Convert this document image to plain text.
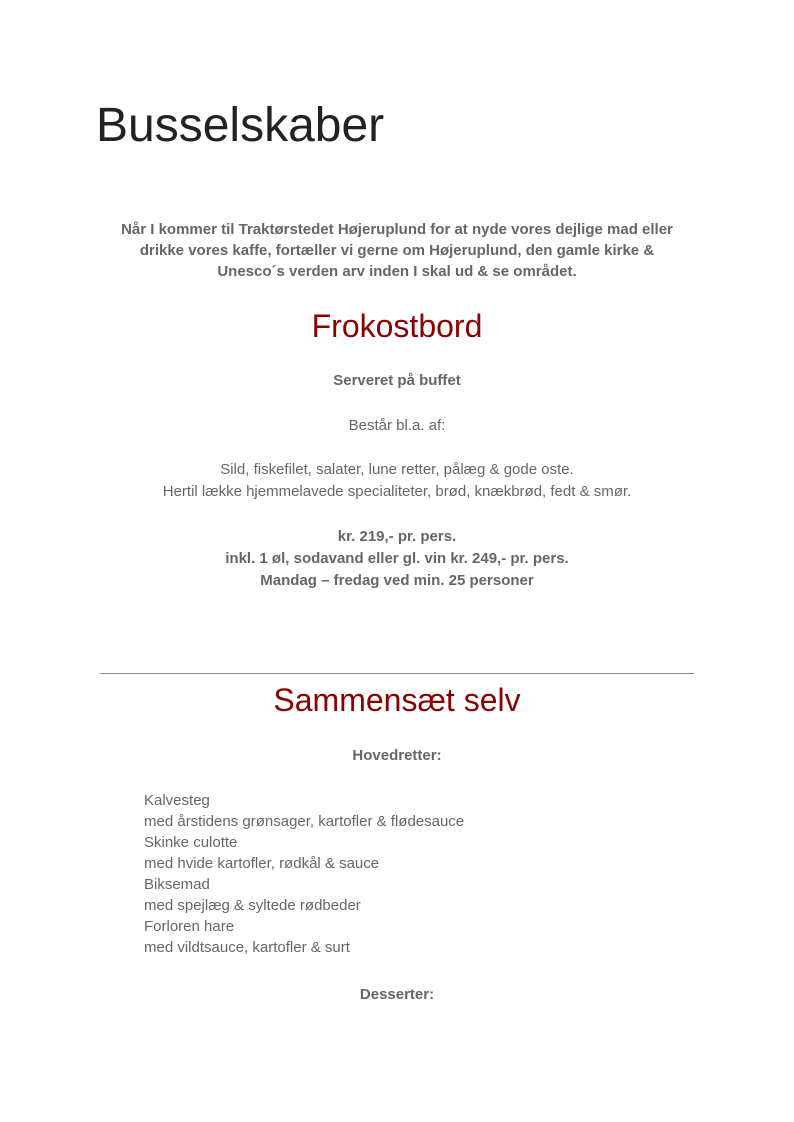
Busselskaber
Når I kommer til Traktørstedet Højeruplund for at nyde vores dejlige mad eller
drikke vores kaffe, fortæller vi gerne om Højeruplund, den gamle kirke &
Unesco´s verden arv inden I skal ud & se området.
Frokostbord
Serveret på buffet
Består bl.a. af:
Sild, fiskefilet, salater, lune retter, pålæg & gode oste.
Hertil lække hjemmelavede specialiteter, brød, knækbrød, fedt & smør.
kr. 219,- pr. pers.
inkl. 1 øl, sodavand eller gl. vin kr. 249,- pr. pers.
Mandag – fredag ved min. 25 personer
Sammensæt selv
Hovedretter:
Kalvesteg
med årstidens grønsager, kartofler & flødesauce
Skinke culotte
med hvide kartofler, rødkål & sauce
Biksemad
med spejlæg & syltede rødbeder
Forloren hare
med vildtsauce, kartofler & surt
Desserter:
